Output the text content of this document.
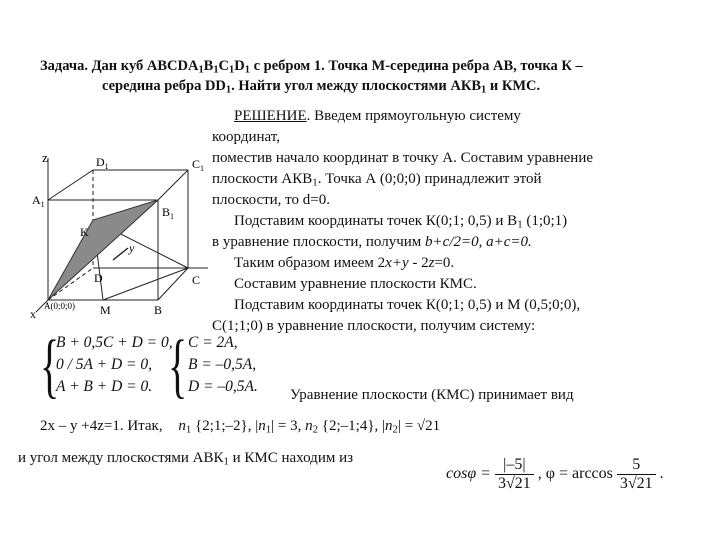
Задача. Дан куб $ABCDA_1B_1C_1D_1$ с ребром 1. Точка М-середина ребра АВ, точка К –
середина ребра $DD_1$. Найти угол между плоскостями $АКВ_1$ и КМС.
z
$A_1$
$D_1$
$B_1$
$C_1$
K
M	B
C
D
y
x
A(0;0;0)
РЕШЕНИЕ. Введем прямоугольную систему
координат,
поместив начало координат в точку А. Составим уравнение
плоскости $АКВ_1$. Точка А (0;0;0) принадлежит этой
плоскости, то d=0.
Подставим координаты точек К(0;1; 0,5) и $В_1$ (1;0;1)
в уравнение плоскости, получим b+c/2=0, a+c=0.
Таким образом имеем 2x+y - 2z=0.
Составим уравнение плоскости КМС.
Подставим координаты точек К(0;1; 0,5) и М (0,5;0;0),
С(1;1;0) в уравнение плоскости, получим систему:
{
B + 0,5C + D = 0,
0 / 5A + D = 0,
A + B + D = 0. { C = 2A,
B = –0,5A,
D = –0,5A. Уравнение плоскости (КМС) принимает вид
2x – y +4z=1. Итак, $n_1$ {2;1;–2}, $|n_1| = 3$, $n_2$ {2;–1;4}, $|n_2| = √21$
и угол между плоскостями $АВК_1$ и КМС находим из
$\cos\varphi = \frac{|-5|}{3√21}$ , $\varphi = \arccos \frac{5}{3√21}$ .
